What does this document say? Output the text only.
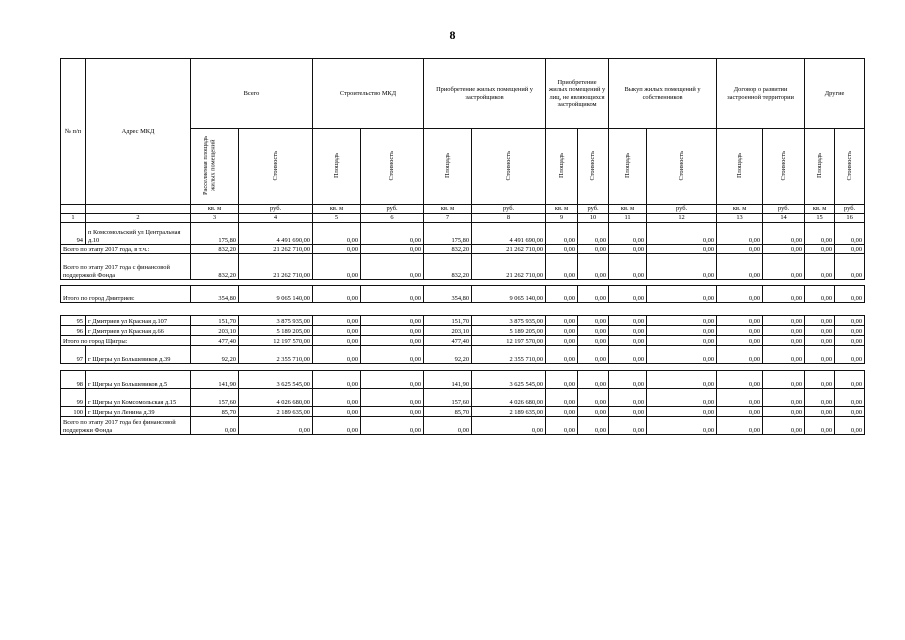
8
№ п/п	Адрес МКД	Всего		Строительство МКД		Приобретение жилых помещений у застройщиков		Приобретение жилых помещений у лиц, не являющихся застройщиком		Выкуп жилых помещений у собственников		Договор о развитии застроенной территории		Другие	
		Расселяемая площадь жилых помещений	Стоимость	Площадь	Стоимость	Площадь	Стоимость	Площадь	Стоимость	Площадь	Стоимость	Площадь	Стоимость	Площадь	Стоимость
		кв. м	руб.	кв. м	руб.	кв. м	руб.	кв. м	руб.	кв. м	руб.	кв. м	руб.	кв. м	руб.
1	2	3	4	5	6	7	8	9	10	11	12	13	14	15	16
94	п Комсомольский ул Центральная д.10	175,80	4 491 690,00	0,00	0,00	175,80	4 491 690,00	0,00	0,00	0,00	0,00	0,00	0,00	0,00	0,00
Всего по этапу 2017 года, в т.ч.:		832,20	21 262 710,00	0,00	0,00	832,20	21 262 710,00	0,00	0,00	0,00	0,00	0,00	0,00	0,00	0,00
Всего по этапу 2017 года с финансовой поддержкой Фонда		832,20	21 262 710,00	0,00	0,00	832,20	21 262 710,00	0,00	0,00	0,00	0,00	0,00	0,00	0,00	0,00

Итого по город Дмитриев:		354,80	9 065 140,00	0,00	0,00	354,80	9 065 140,00	0,00	0,00	0,00	0,00	0,00	0,00	0,00	0,00

95	г Дмитриев ул Красная д.107	151,70	3 875 935,00	0,00	0,00	151,70	3 875 935,00	0,00	0,00	0,00	0,00	0,00	0,00	0,00	0,00
96	г Дмитриев ул Красная д.66	203,10	5 189 205,00	0,00	0,00	203,10	5 189 205,00	0,00	0,00	0,00	0,00	0,00	0,00	0,00	0,00
Итого по город Щигры:		477,40	12 197 570,00	0,00	0,00	477,40	12 197 570,00	0,00	0,00	0,00	0,00	0,00	0,00	0,00	0,00
97	г Щигры ул Большевиков д.39	92,20	2 355 710,00	0,00	0,00	92,20	2 355 710,00	0,00	0,00	0,00	0,00	0,00	0,00	0,00	0,00

98	г Щигры ул Большевиков д.5	141,90	3 625 545,00	0,00	0,00	141,90	3 625 545,00	0,00	0,00	0,00	0,00	0,00	0,00	0,00	0,00
99	г Щигры ул Комсомольская д.15	157,60	4 026 680,00	0,00	0,00	157,60	4 026 680,00	0,00	0,00	0,00	0,00	0,00	0,00	0,00	0,00
100	г Щигры ул Ленина д.39	85,70	2 189 635,00	0,00	0,00	85,70	2 189 635,00	0,00	0,00	0,00	0,00	0,00	0,00	0,00	0,00
Всего по этапу 2017 года без финансовой поддержки Фонда		0,00	0,00	0,00	0,00	0,00	0,00	0,00	0,00	0,00	0,00	0,00	0,00	0,00	0,00
